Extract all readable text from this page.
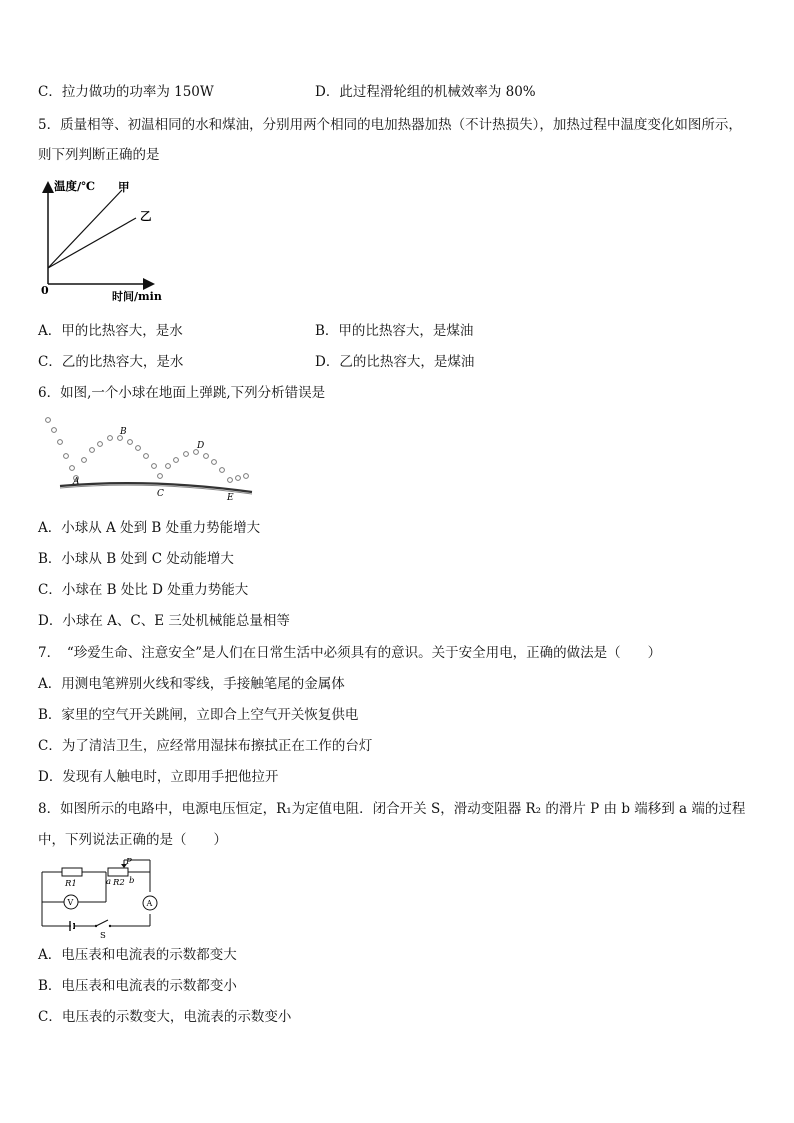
C．拉力做功的功率为 150W	D．此过程滑轮组的机械效率为 80%
5．质量相等、初温相同的水和煤油，分别用两个相同的电加热器加热（不计热损失），加热过程中温度变化如图所示，
则下列判断正确的是
温度/℃ 甲
乙
0	时间/min
A．甲的比热容大，是水	B．甲的比热容大，是煤油
C．乙的比热容大，是水	D．乙的比热容大，是煤油
6．如图,一个小球在地面上弹跳,下列分析错误是
A
B
C
D
E
A．小球从 A 处到 B 处重力势能增大
B．小球从 B 处到 C 处动能增大
C．小球在 B 处比 D 处重力势能大
D．小球在 A、C、E 三处机械能总量相等
7．　“珍爱生命、注意安全”是人们在日常生活中必须具有的意识。关于安全用电，正确的做法是（　　）
A．用测电笔辨别火线和零线，手接触笔尾的金属体
B．家里的空气开关跳闸，立即合上空气开关恢复供电
C．为了清洁卫生，应经常用湿抹布擦拭正在工作的台灯
D．发现有人触电时，立即用手把他拉开
8．如图所示的电路中，电源电压恒定，R₁为定值电阻．闭合开关 S，滑动变阻器 R₂ 的滑片 P 由 b 端移到 a 端的过程
中，下列说法正确的是（　　）
R1	a R2 b
P
V	A
S
A．电压表和电流表的示数都变大
B．电压表和电流表的示数都变小
C．电压表的示数变大，电流表的示数变小
